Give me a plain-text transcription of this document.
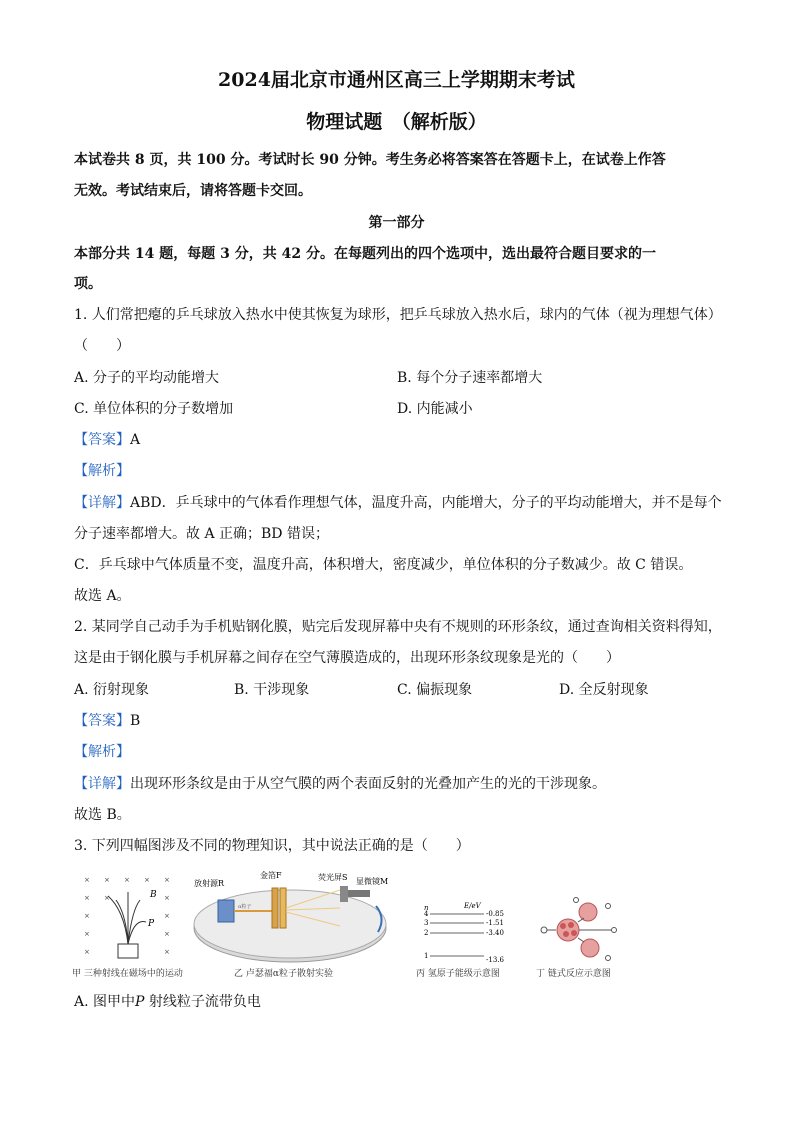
2024届北京市通州区高三上学期期末考试
物理试题　（解析版）
本试卷共 8 页，共 100 分。考试时长 90 分钟。考生务必将答案答在答题卡上，在试卷上作答
无效。考试结束后，请将答题卡交回。
第一部分
本部分共 14 题，每题 3 分，共 42 分。在每题列出的四个选项中，选出最符合题目要求的一
项。
1. 人们常把瘪的乒乓球放入热水中使其恢复为球形，把乒乓球放入热水后，球内的气体（视为理想气体）
（　　）
A. 分子的平均动能增大	B. 每个分子速率都增大
C. 单位体积的分子数增加	D. 内能减小
【答案】A
【解析】
【详解】ABD．乒乓球中的气体看作理想气体，温度升高，内能增大，分子的平均动能增大，并不是每个
分子速率都增大。故 A 正确；BD 错误；
C．乒乓球中气体质量不变，温度升高，体积增大，密度减少，单位体积的分子数减少。故 C 错误。
故选 A。
2. 某同学自己动手为手机贴钢化膜，贴完后发现屏幕中央有不规则的环形条纹，通过查询相关资料得知，
这是由于钢化膜与手机屏幕之间存在空气薄膜造成的，出现环形条纹现象是光的（　　）
A. 衍射现象	B. 干涉现象	C. 偏振现象	D. 全反射现象
【答案】B
【解析】
【详解】出现环形条纹是由于从空气膜的两个表面反射的光叠加产生的光的干涉现象。
故选 B。
3. 下列四幅图涉及不同的物理知识，其中说法正确的是（　　）
× × × × ×
× ×	×
×	×
×	×
×	×
B
P
甲 三种射线在磁场中的运动
放射源R
α粒子
金箔F	荧光屏S 显微镜M
乙 卢瑟福α粒子散射实验
n	E/eV
4	-0.85
3	-1.51
2	-3.40
1	-13.6
丙 氢原子能级示意图	丁 链式反应示意图
A. 图甲中P 射线粒子流带负电
